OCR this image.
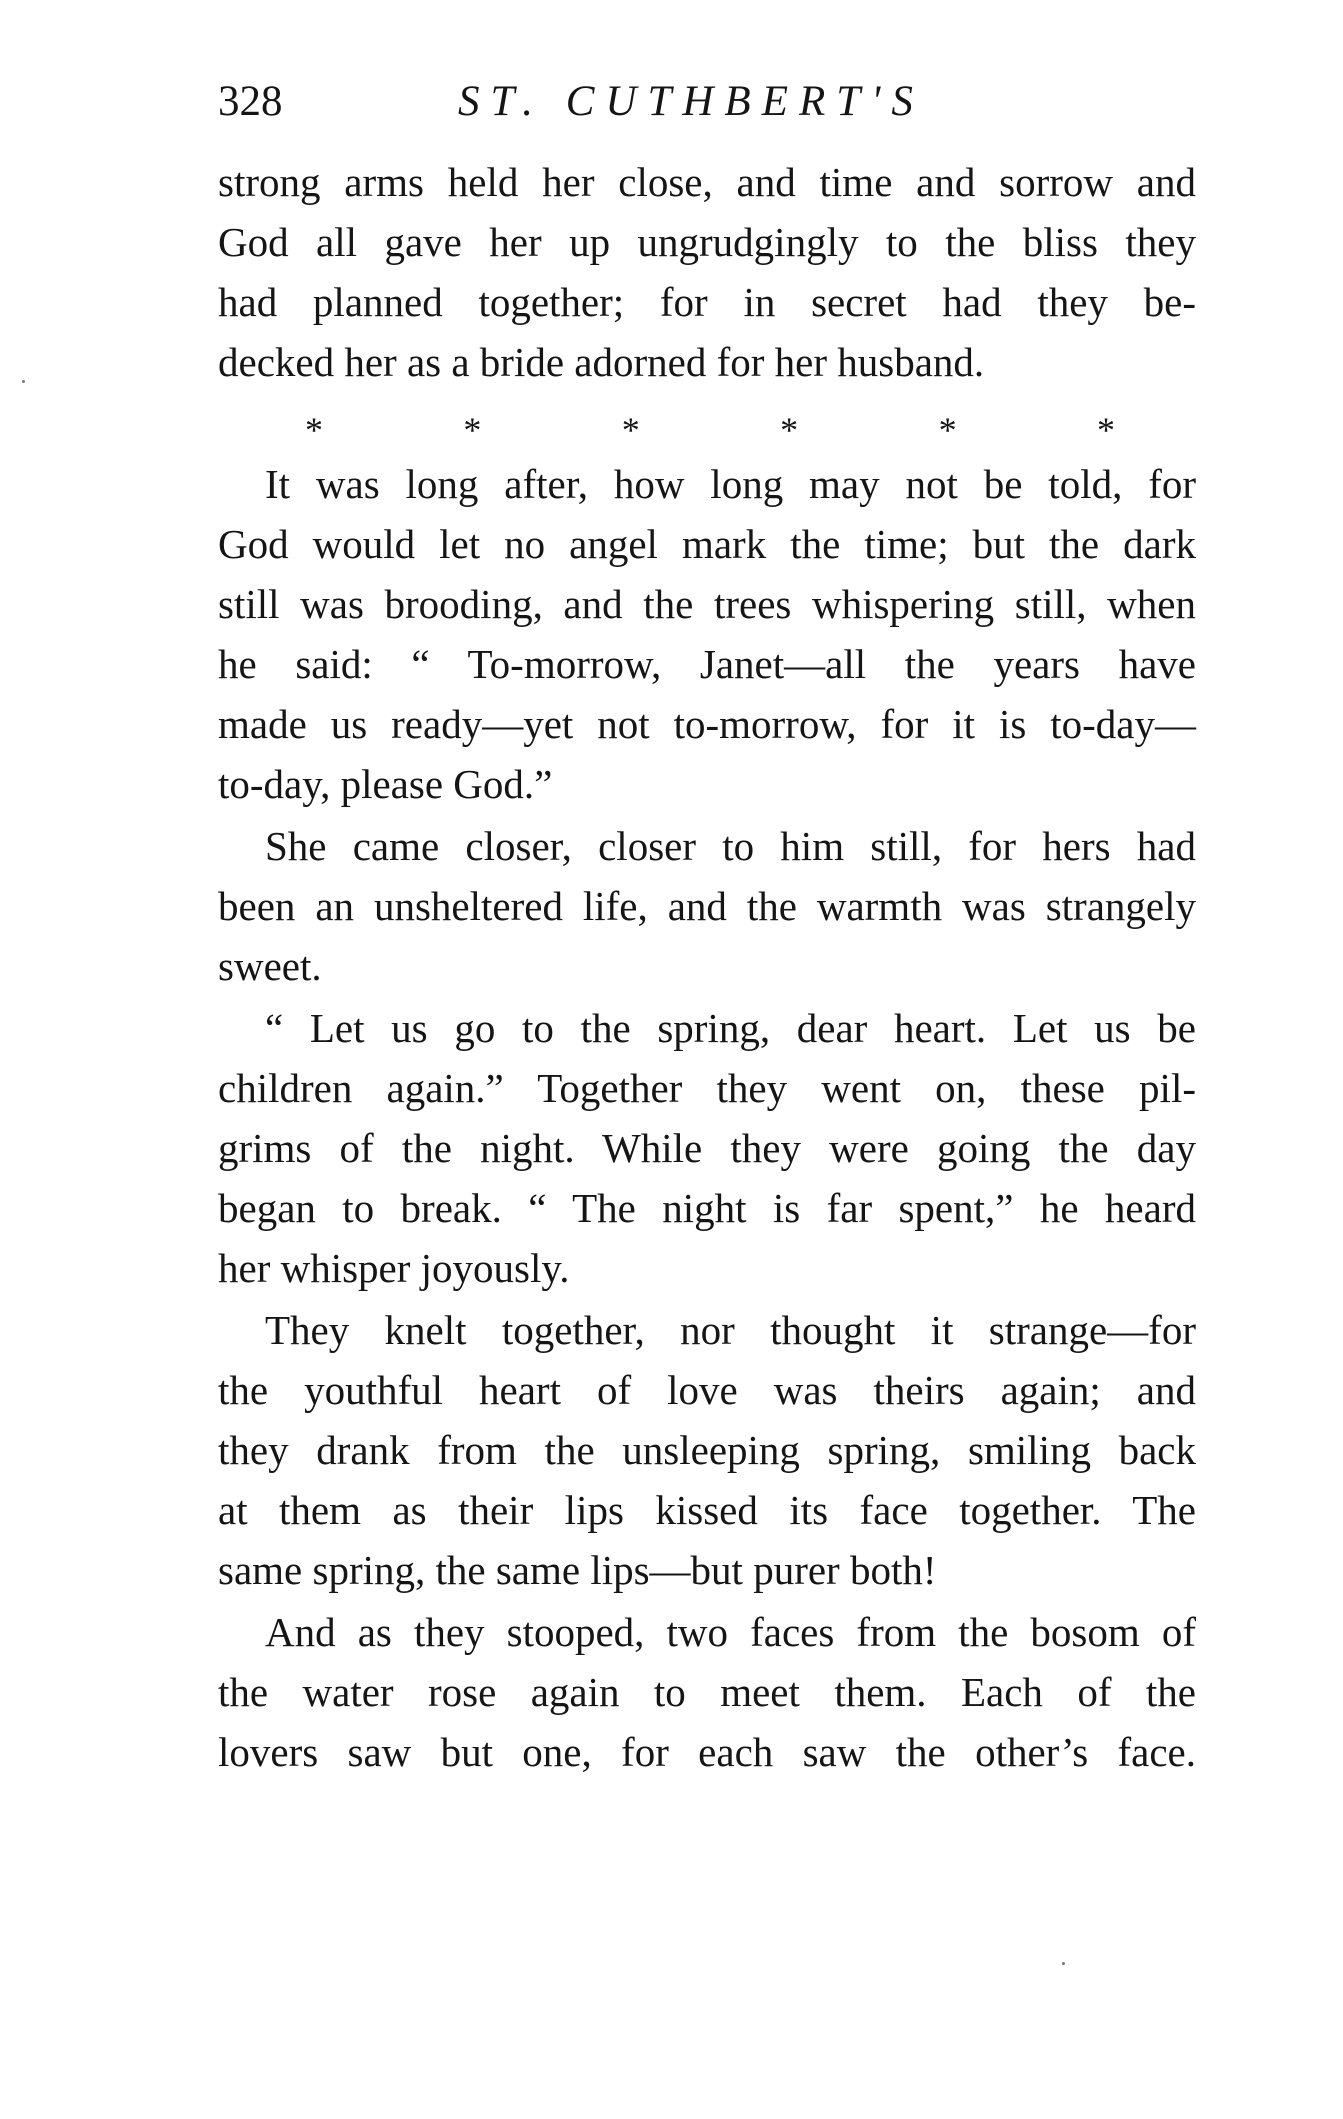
328	ST. CUTHBERT'S
strong arms held her close, and time and sorrow and
God all gave her up ungrudgingly to the bliss they
had planned together; for in secret had they be-
decked her as a bride adorned for her husband.
*	*	*	*	*	*
It was long after, how long may not be told, for
God would let no angel mark the time; but the dark
still was brooding, and the trees whispering still, when
he said: “ To-morrow, Janet—all the years have
made us ready—yet not to-morrow, for it is to-day—
to-day, please God.”
She came closer, closer to him still, for hers had
been an unsheltered life, and the warmth was strangely
sweet.
“ Let us go to the spring, dear heart. Let us be
children again.” Together they went on, these pil-
grims of the night. While they were going the day
began to break. “ The night is far spent,” he heard
her whisper joyously.
They knelt together, nor thought it strange—for
the youthful heart of love was theirs again; and
they drank from the unsleeping spring, smiling back
at them as their lips kissed its face together. The
same spring, the same lips—but purer both!
And as they stooped, two faces from the bosom of
the water rose again to meet them. Each of the
lovers saw but one, for each saw the other’s face.
